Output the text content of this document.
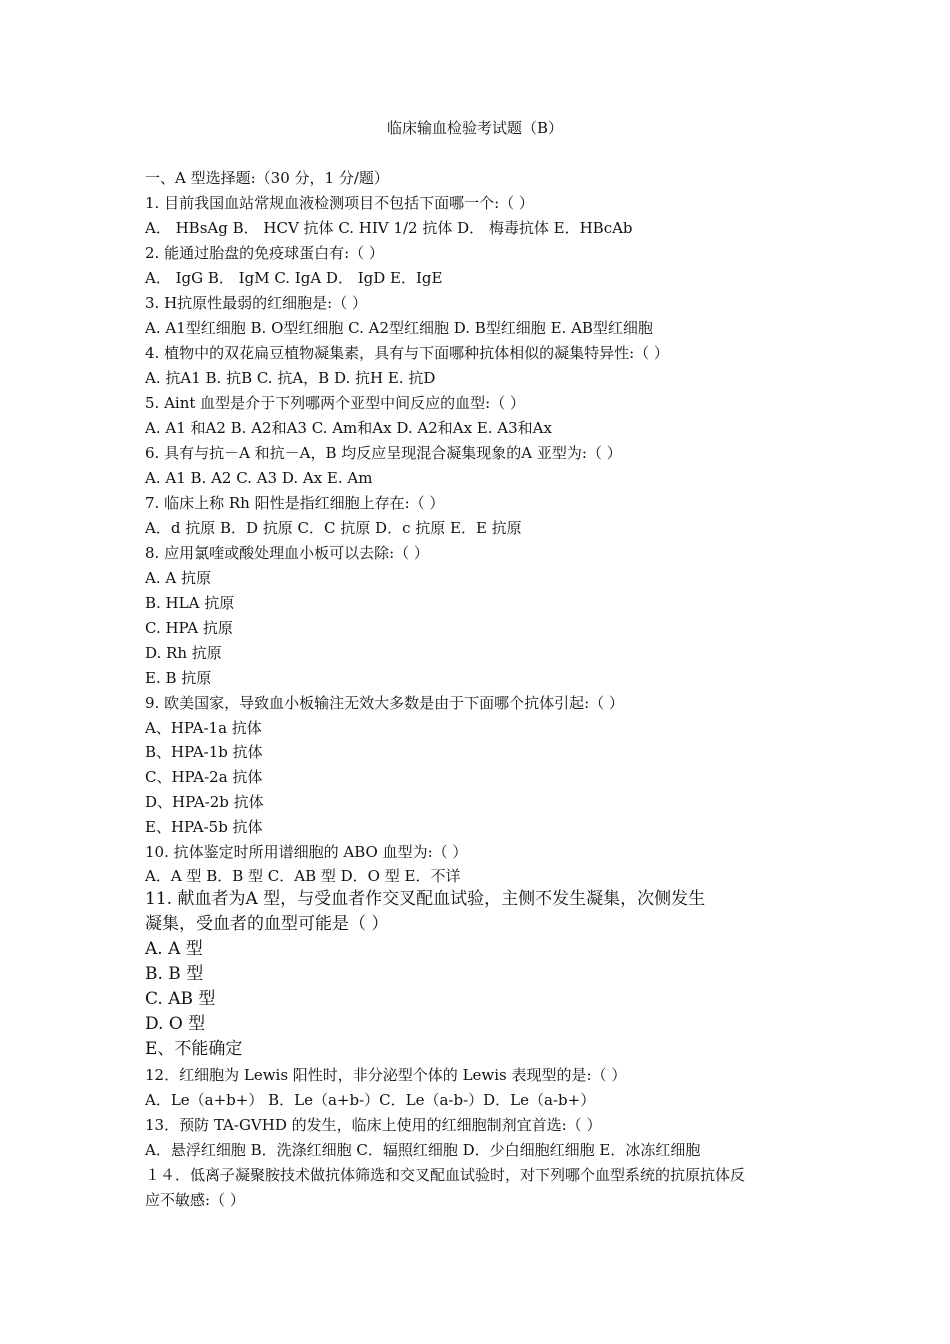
临床输血检验考试题（B）
一、A 型选择题:（30 分，1 分/题）
1. 目前我国血站常规血液检测项目不包括下面哪一个:（ ）
A． HBsAg B． HCV 抗体 C. HIV 1/2 抗体 D． 梅毒抗体 E．HBcAb
2. 能通过胎盘的免疫球蛋白有:（ ）
A． IgG B． IgM C. IgA D． IgD E．IgE
3. H抗原性最弱的红细胞是:（ ）
A. A1型红细胞 B. O型红细胞 C. A2型红细胞 D. B型红细胞 E. AB型红细胞
4. 植物中的双花扁豆植物凝集素，具有与下面哪种抗体相似的凝集特异性:（ ）
A. 抗A1 B. 抗B C. 抗A，B D. 抗H E. 抗D
5. Aint 血型是介于下列哪两个亚型中间反应的血型:（ ）
A. A1 和A2 B. A2和A3 C. Am和Ax D. A2和Ax E. A3和Ax
6. 具有与抗－A 和抗－A，B 均反应呈现混合凝集现象的A 亚型为:（ ）
A. A1 B. A2 C. A3 D. Ax E. Am
7. 临床上称 Rh 阳性是指红细胞上存在:（ ）
A．d 抗原 B．D 抗原 C．C 抗原 D．c 抗原 E．E 抗原
8. 应用氯喹或酸处理血小板可以去除:（ ）
A. A 抗原
B. HLA 抗原
C. HPA 抗原
D. Rh 抗原
E. B 抗原
9. 欧美国家，导致血小板输注无效大多数是由于下面哪个抗体引起:（ ）
A、HPA-1a 抗体
B、HPA-1b 抗体
C、HPA-2a 抗体
D、HPA-2b 抗体
E、HPA-5b 抗体
10. 抗体鉴定时所用谱细胞的 ABO 血型为:（ ）
A．A 型 B．B 型 C．AB 型 D．O 型 E．不详
11. 献血者为A 型，与受血者作交叉配血试验，主侧不发生凝集，次侧发生
凝集，受血者的血型可能是（ ）
A. A 型
B. B 型
C. AB 型
D. O 型
E、不能确定
12．红细胞为 Lewis 阳性时，非分泌型个体的 Lewis 表现型的是:（ ）
A．Le（a+b+） B．Le（a+b-）C．Le（a-b-）D．Le（a-b+）
13．预防 TA-GVHD 的发生，临床上使用的红细胞制剂宜首选:（ ）
A．悬浮红细胞 B．洗涤红细胞 C．辐照红细胞 D．少白细胞红细胞 E．冰冻红细胞
１４．低离子凝聚胺技术做抗体筛选和交叉配血试验时，对下列哪个血型系统的抗原抗体反
应不敏感:（ ）
